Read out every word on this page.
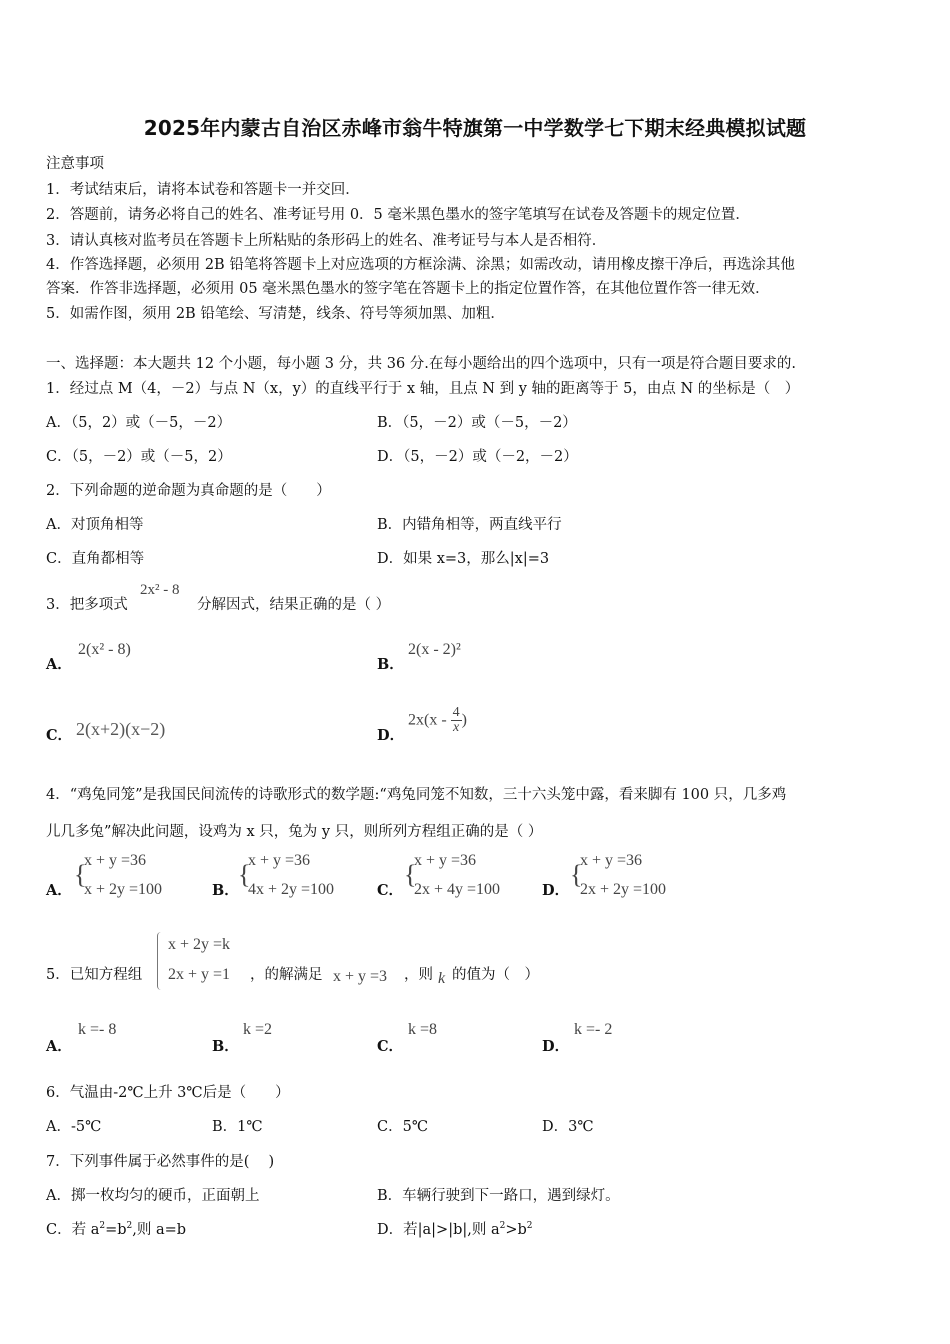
2025年内蒙古自治区赤峰市翁牛特旗第一中学数学七下期末经典模拟试题
注意事项
1．考试结束后，请将本试卷和答题卡一并交回．
2．答题前，请务必将自己的姓名、准考证号用 0．5 毫米黑色墨水的签字笔填写在试卷及答题卡的规定位置．
3．请认真核对监考员在答题卡上所粘贴的条形码上的姓名、准考证号与本人是否相符．
4．作答选择题，必须用 2B 铅笔将答题卡上对应选项的方框涂满、涂黑；如需改动，请用橡皮擦干净后，再选涂其他
答案．作答非选择题，必须用 05 毫米黑色墨水的签字笔在答题卡上的指定位置作答，在其他位置作答一律无效．
5．如需作图，须用 2B 铅笔绘、写清楚，线条、符号等须加黑、加粗．
一、选择题：本大题共 12 个小题，每小题 3 分，共 36 分.在每小题给出的四个选项中，只有一项是符合题目要求的.
1．经过点 M（4，－2）与点 N（x，y）的直线平行于 x 轴，且点 N 到 y 轴的距离等于 5，由点 N 的坐标是（　）
A．（5，2）或（－5，－2）	B．（5，－2）或（－5，－2）
C．（5，－2）或（－5，2）	D．（5，－2）或（－2，－2）
2．下列命题的逆命题为真命题的是（　　）
A．对顶角相等	B．内错角相等，两直线平行
C．直角都相等	D．如果 x=3，那么|x|=3
3．把多项式
2x² - 8
分解因式，结果正确的是（ ）
A．
2(x² - 8)
B．
2(x - 2)²
C． 2(x+2)(x−2)	D．
$2x(x - \frac{4}{x}$ )
4．“鸡兔同笼”是我国民间流传的诗歌形式的数学题:“鸡兔同笼不知数，三十六头笼中露，看来脚有 100 只，几多鸡
儿几多兔”解决此问题，设鸡为 x 只，兔为 y 只，则所列方程组正确的是（ ）
A．
{
x + y =36
x + 2y =100	B．
{
x + y =36
4x + 2y =100	C．
{
x + y =36
2x + 4y =100	D．
{
x + y =36
2x + 2y =100
5．已知方程组
x + 2y =k
2x + y =1 ，的解满足 x + y =3 ，则 k 的值为（　）
A．
k =- 8
B．
k =2
C．
k =8
D．
k =- 2
6．气温由-2℃上升 3℃后是（　　）
A．-5℃	B．1℃	C．5℃	D．3℃
7．下列事件属于必然事件的是(　 )
A．掷一枚均匀的硬币，正面朝上	B．车辆行驶到下一路口，遇到绿灯。
C．若 $a^2=b^2$,则 a=b	D．若|a|>|b|,则 $a^2>b^2$
